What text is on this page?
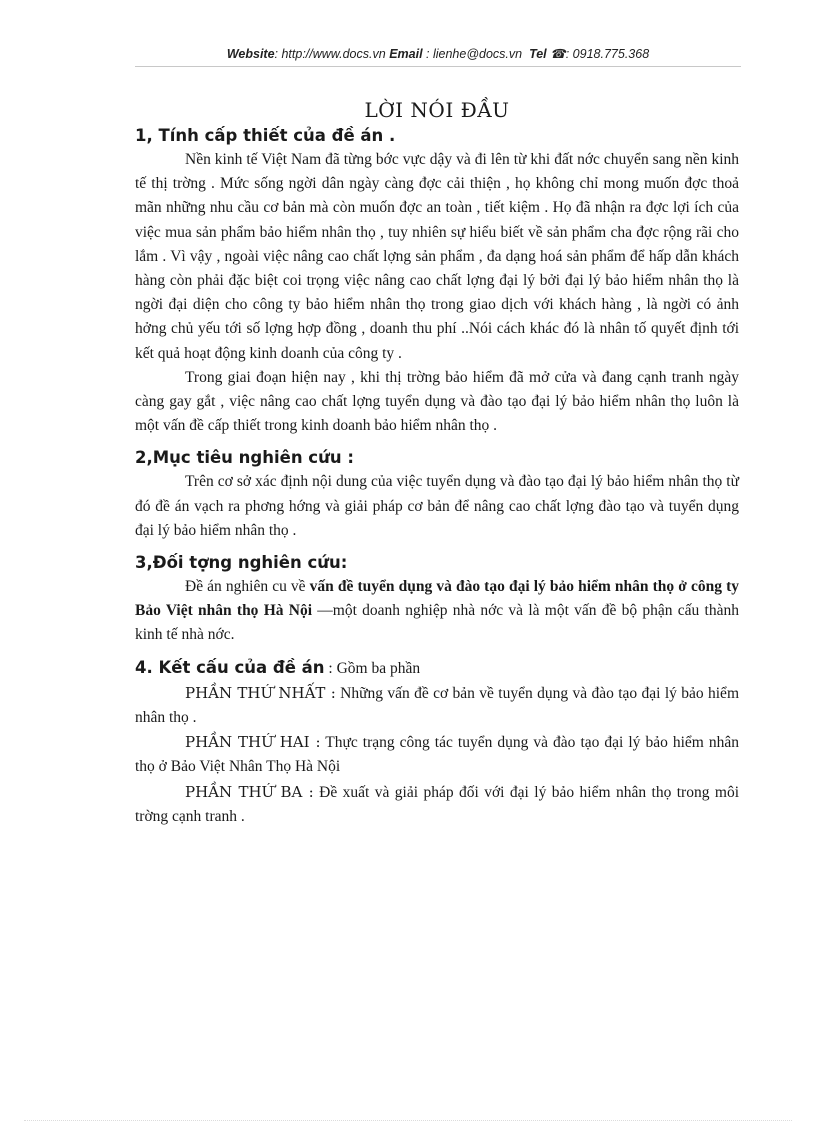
Website: http://www.docs.vn Email : lienhe@docs.vn Tel ☎: 0918.775.368
LỜI NÓI ĐẦU
1, Tính cấp thiết của đề án .

Nền kinh tế Việt Nam đã từng bớc vực dậy và đi lên từ khi đất nớc chuyển sang nền kinh tế thị trờng . Mức sống ngời dân ngày càng đợc cải thiện , họ không chỉ mong muốn đợc thoả mãn những nhu cầu cơ bản mà còn muốn đợc an toàn , tiết kiệm . Họ đã nhận ra đợc lợi ích của việc mua sản phẩm bảo hiểm nhân thọ , tuy nhiên sự hiểu biết về sản phẩm cha đợc rộng rãi cho lắm . Vì vậy , ngoài việc nâng cao chất lợng sản phẩm , đa dạng hoá sản phẩm để hấp dẫn khách hàng còn phải đặc biệt coi trọng việc nâng cao chất lợng đại lý bởi đại lý bảo hiểm nhân thọ là ngời đại diện cho công ty bảo hiểm nhân thọ trong giao dịch với khách hàng , là ngời có ảnh hởng chủ yếu tới số lợng hợp đồng , doanh thu phí ..Nói cách khác đó là nhân tố quyết định tới kết quả hoạt động kinh doanh của công ty .

Trong giai đoạn hiện nay , khi thị trờng bảo hiểm đã mở cửa và đang cạnh tranh ngày càng gay gắt , việc nâng cao chất lợng tuyển dụng và đào tạo đại lý bảo hiểm nhân thọ luôn là một vấn đề cấp thiết trong kinh doanh bảo hiểm nhân thọ .

2,Mục tiêu nghiên cứu :

Trên cơ sở xác định nội dung của việc tuyển dụng và đào tạo đại lý bảo hiểm nhân thọ từ đó đề án vạch ra phơng hớng và giải pháp cơ bản để nâng cao chất lợng đào tạo và tuyển dụng đại lý bảo hiểm nhân thọ .

3,Đối tợng nghiên cứu:

Đề án nghiên cu về vấn đề tuyển dụng và đào tạo đại lý bảo hiểm nhân thọ ở công ty Bảo Việt nhân thọ Hà Nội —một doanh nghiệp nhà nớc và là một vấn đề bộ phận cấu thành kinh tế nhà nớc.

4. Kết cấu của đề án : Gồm ba phần

PHẦN THỨ NHẤT : Những vấn đề cơ bản về tuyển dụng và đào tạo đại lý bảo hiểm nhân thọ .

PHẦN THỨ HAI : Thực trạng công tác tuyển dụng và đào tạo đại lý bảo hiểm nhân thọ ở Bảo Việt Nhân Thọ Hà Nội

PHẦN THỨ BA : Đề xuất và giải pháp đối với đại lý bảo hiểm nhân thọ trong môi trờng cạnh tranh .
